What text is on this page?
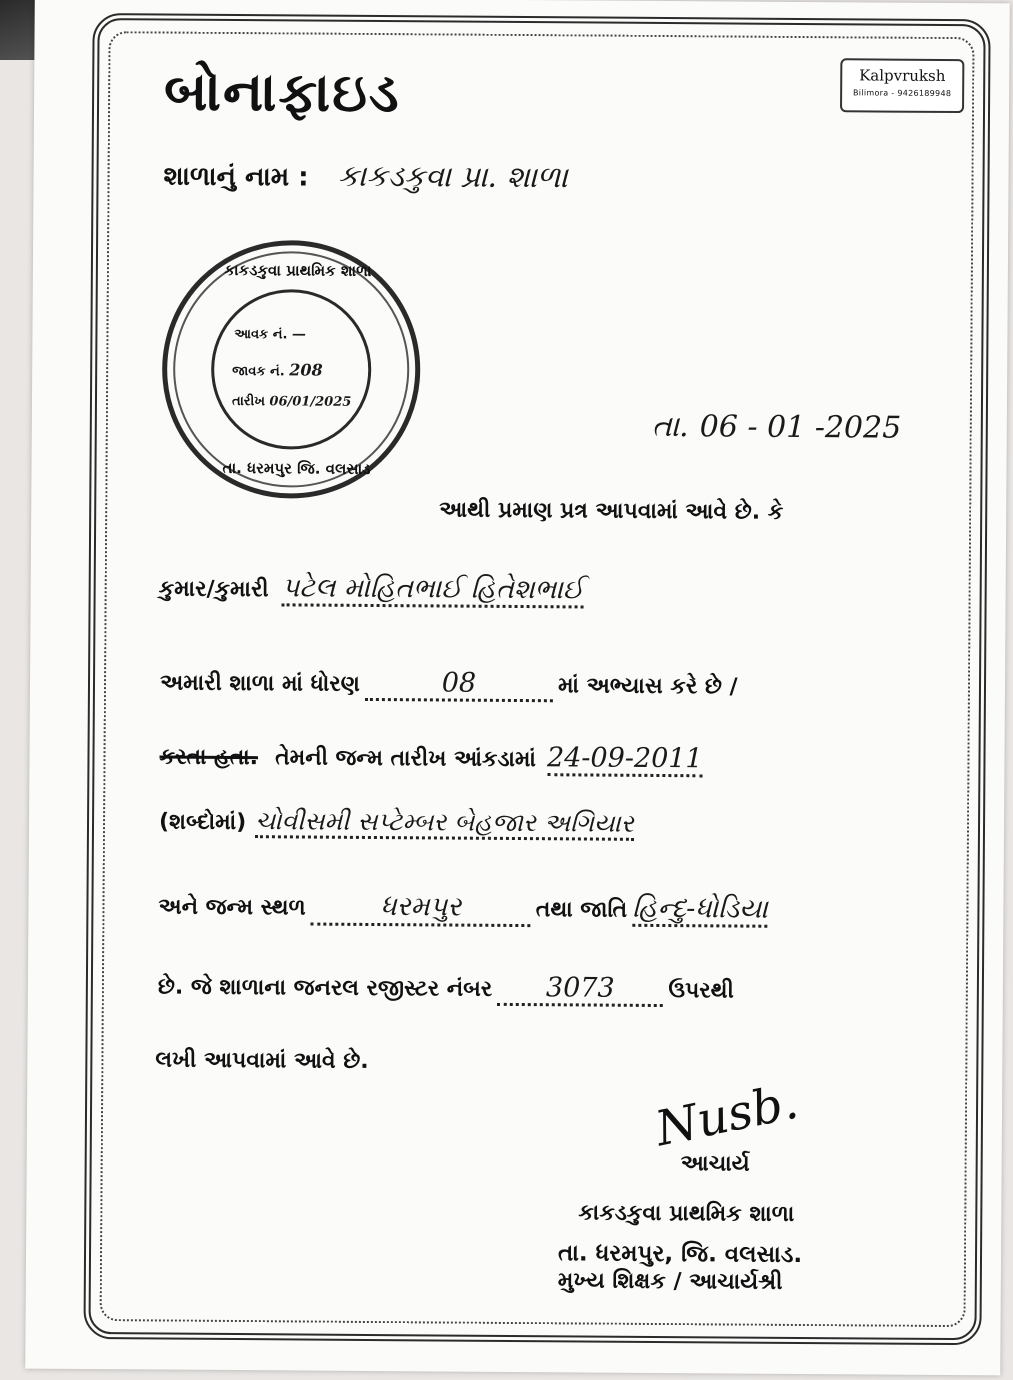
બોનાફાઇડ	Kalpvruksh
Bilimora - 9426189948
શાળાનું નામ : કાકડકુવા પ્રા. શાળા
કાકડકુવા પ્રાથમિક શાળા
તા. ધરમપુર જિ. વલસાડ
આવક નં. —
જાવક નં. 208
તારીખ 06/01/2025
તા. 06 - 01 -2025
આથી પ્રમાણ પ્રત્ર આપવામાં આવે છે. કે
કુમાર/કુમારી પટેલ મોહિતભાઈ હિતેશભાઈ
અમારી શાળા માં ધોરણ	08	માં અભ્યાસ કરે છે /
કરતા હતા. તેમની જન્મ તારીખ આંકડામાં 24-09-2011
(શબ્દોમાં) ચોવીસમી સપ્ટેમ્બર બેહજાર અગિયાર
અને જન્મ સ્થળ	ધરમપુર	તથા જાતિ હિન્દુ-ધોડિયા
છે. જે શાળાના જનરલ રજીસ્ટર નંબર 3073 ઉપરથી
લખી આપવામાં આવે છે.
Nusb.
આચાર્ય
કાકડકુવા પ્રાથમિક શાળા
તા. ધરમપુર, જિ. વલસાડ.
મુખ્ય શિક્ષક / આચાર્યશ્રી
